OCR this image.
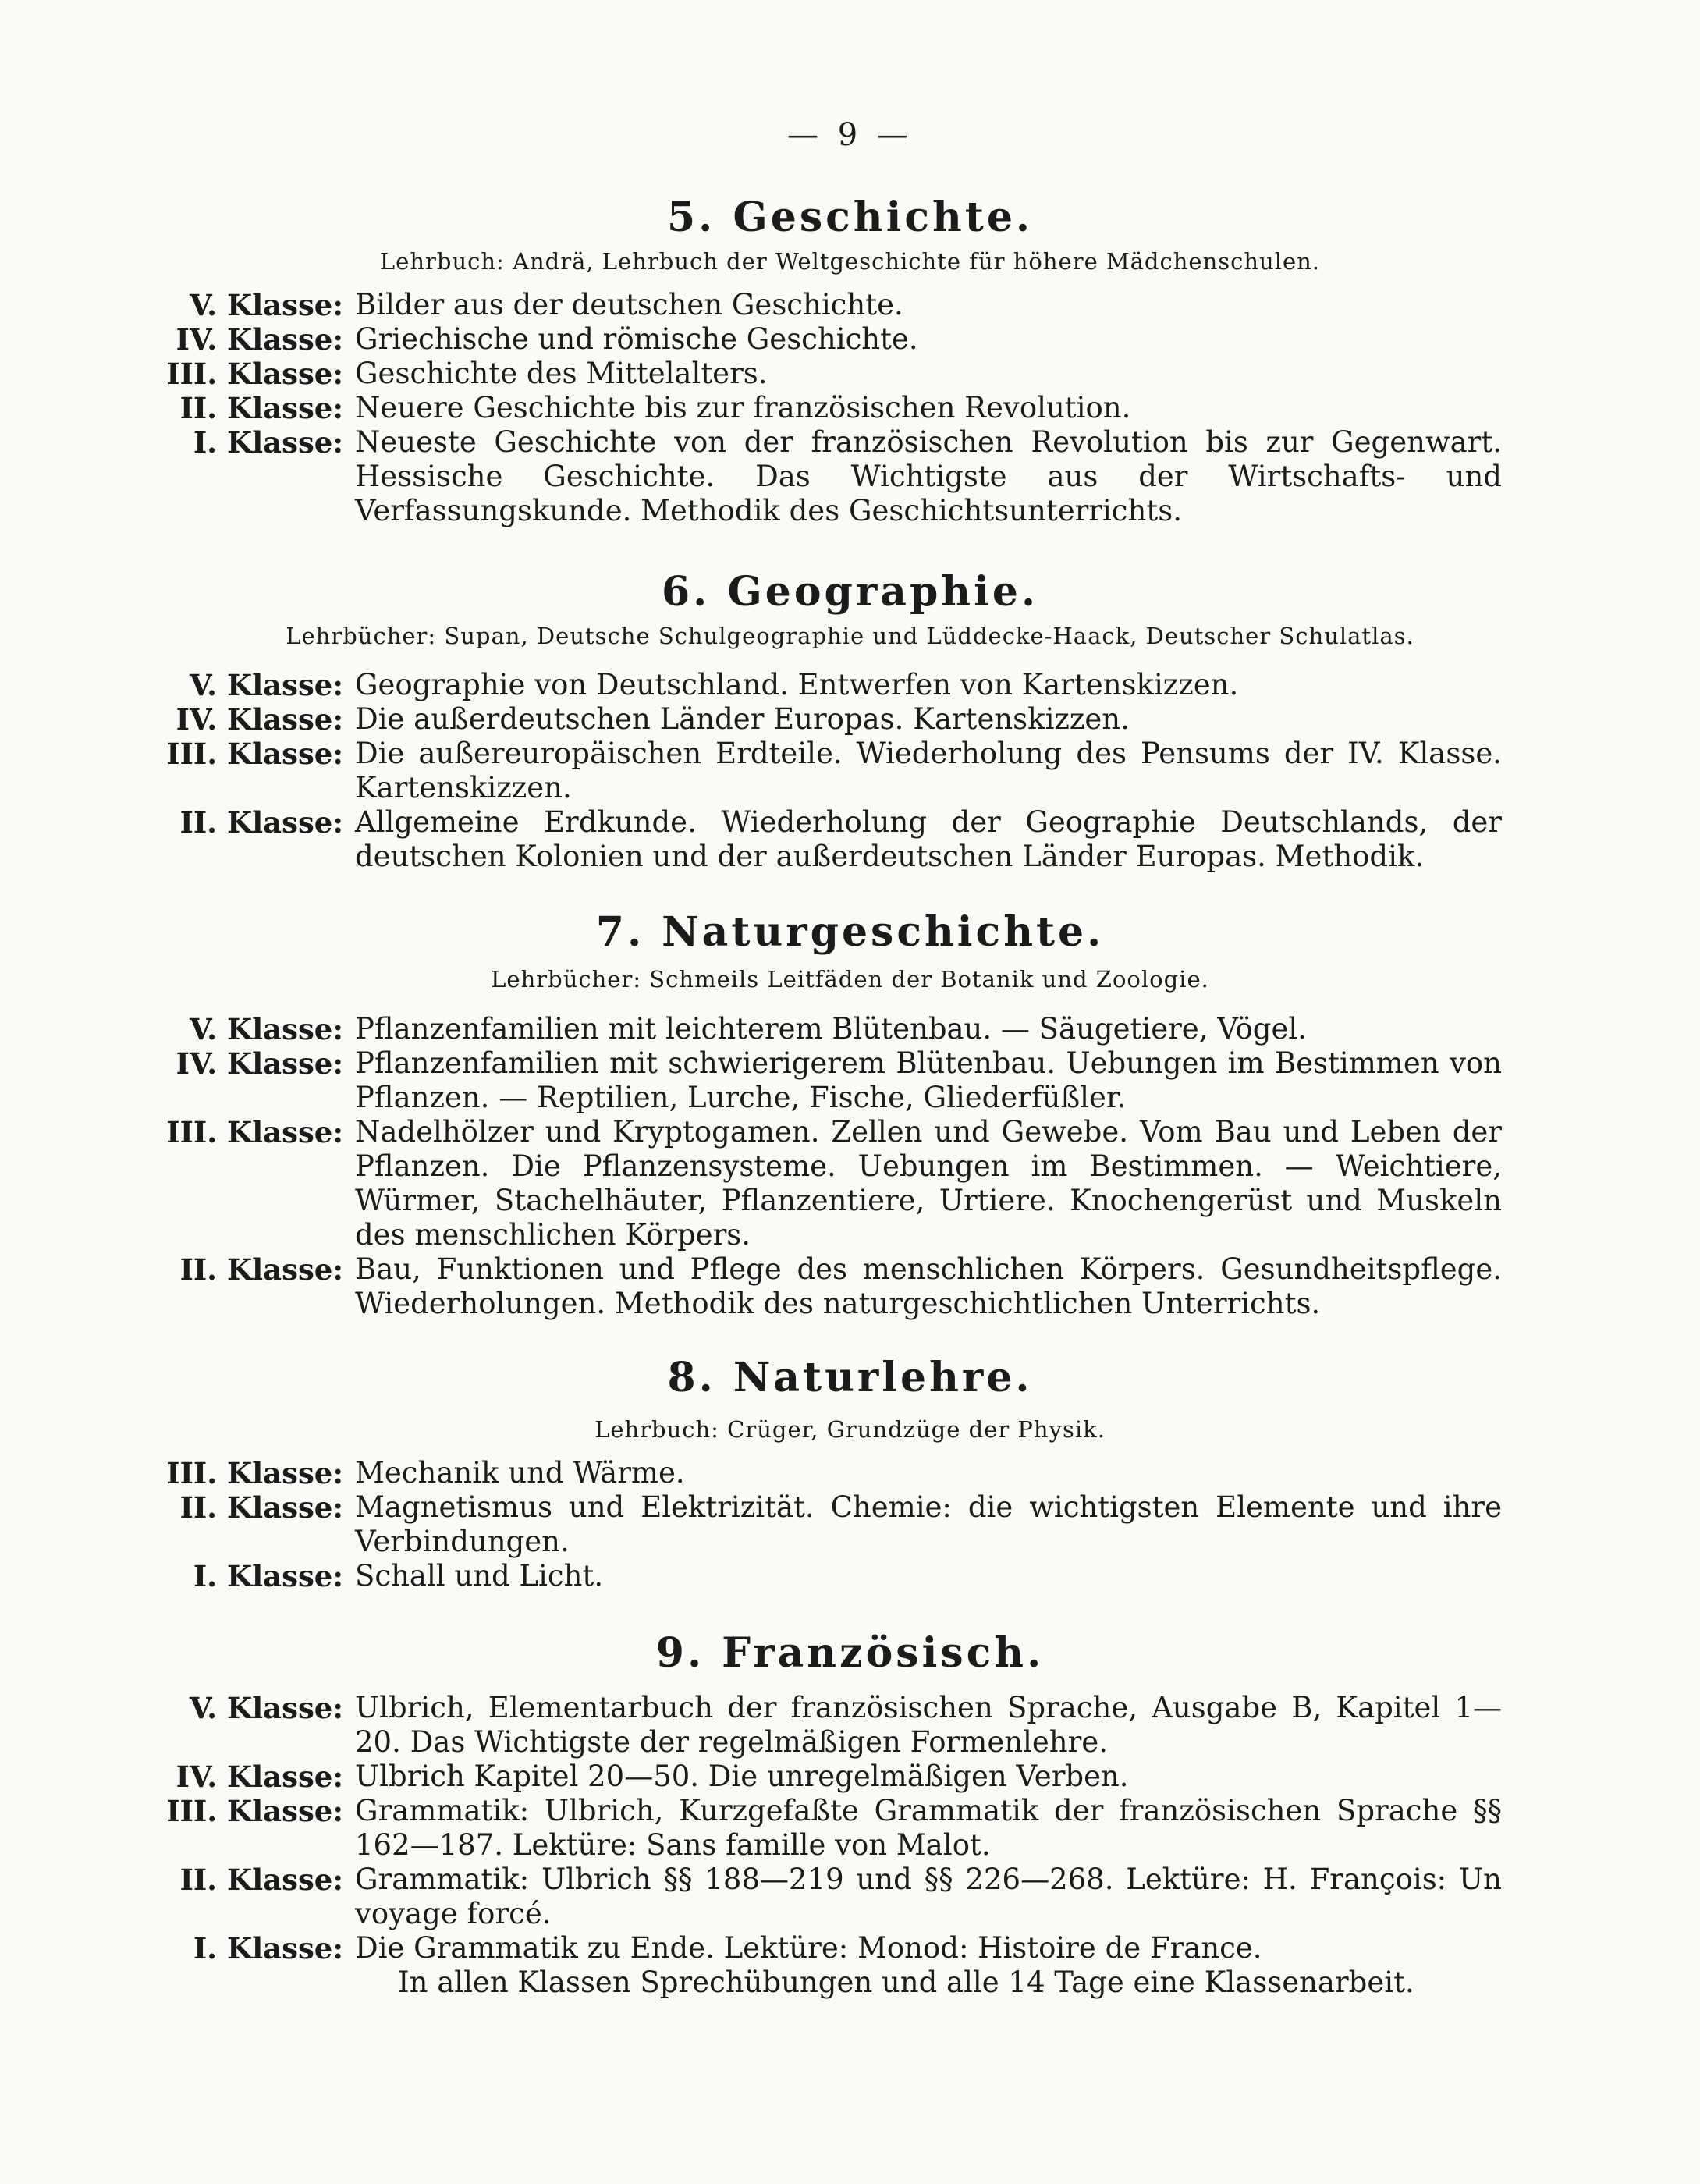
— 9 —
5. Geschichte.
Lehrbuch: Andrä, Lehrbuch der Weltgeschichte für höhere Mädchenschulen.
V. Klasse: Bilder aus der deutschen Geschichte.
IV. Klasse: Griechische und römische Geschichte.
III. Klasse: Geschichte des Mittelalters.
II. Klasse: Neuere Geschichte bis zur französischen Revolution.
I. Klasse: Neueste Geschichte von der französischen Revolution bis zur Gegenwart. Hessische Geschichte. Das Wichtigste aus der Wirtschafts- und Verfassungskunde. Methodik des Geschichtsunterrichts.
6. Geographie.
Lehrbücher: Supan, Deutsche Schulgeographie und Lüddecke-Haack, Deutscher Schulatlas.
V. Klasse: Geographie von Deutschland. Entwerfen von Kartenskizzen.
IV. Klasse: Die außerdeutschen Länder Europas. Kartenskizzen.
III. Klasse: Die außereuropäischen Erdteile. Wiederholung des Pensums der IV. Klasse. Kartenskizzen.
II. Klasse: Allgemeine Erdkunde. Wiederholung der Geographie Deutschlands, der deutschen Kolonien und der außerdeutschen Länder Europas. Methodik.
7. Naturgeschichte.
Lehrbücher: Schmeils Leitfäden der Botanik und Zoologie.
V. Klasse: Pflanzenfamilien mit leichterem Blütenbau. — Säugetiere, Vögel.
IV. Klasse: Pflanzenfamilien mit schwierigerem Blütenbau. Uebungen im Bestimmen von Pflanzen. — Reptilien, Lurche, Fische, Gliederfüßler.
III. Klasse: Nadelhölzer und Kryptogamen. Zellen und Gewebe. Vom Bau und Leben der Pflanzen. Die Pflanzensysteme. Uebungen im Bestimmen. — Weichtiere, Würmer, Stachelhäuter, Pflanzentiere, Urtiere. Knochengerüst und Muskeln des menschlichen Körpers.
II. Klasse: Bau, Funktionen und Pflege des menschlichen Körpers. Gesundheitspflege. Wiederholungen. Methodik des naturgeschichtlichen Unterrichts.
8. Naturlehre.
Lehrbuch: Crüger, Grundzüge der Physik.
III. Klasse: Mechanik und Wärme.
II. Klasse: Magnetismus und Elektrizität. Chemie: die wichtigsten Elemente und ihre Verbindungen.
I. Klasse: Schall und Licht.
9. Französisch.
V. Klasse: Ulbrich, Elementarbuch der französischen Sprache, Ausgabe B, Kapitel 1—20. Das Wichtigste der regelmäßigen Formenlehre.
IV. Klasse: Ulbrich Kapitel 20—50. Die unregelmäßigen Verben.
III. Klasse: Grammatik: Ulbrich, Kurzgefaßte Grammatik der französischen Sprache §§ 162—187. Lektüre: Sans famille von Malot.
II. Klasse: Grammatik: Ulbrich §§ 188—219 und §§ 226—268. Lektüre: H. François: Un voyage forcé.
I. Klasse: Die Grammatik zu Ende. Lektüre: Monod: Histoire de France.
In allen Klassen Sprechübungen und alle 14 Tage eine Klassenarbeit.
